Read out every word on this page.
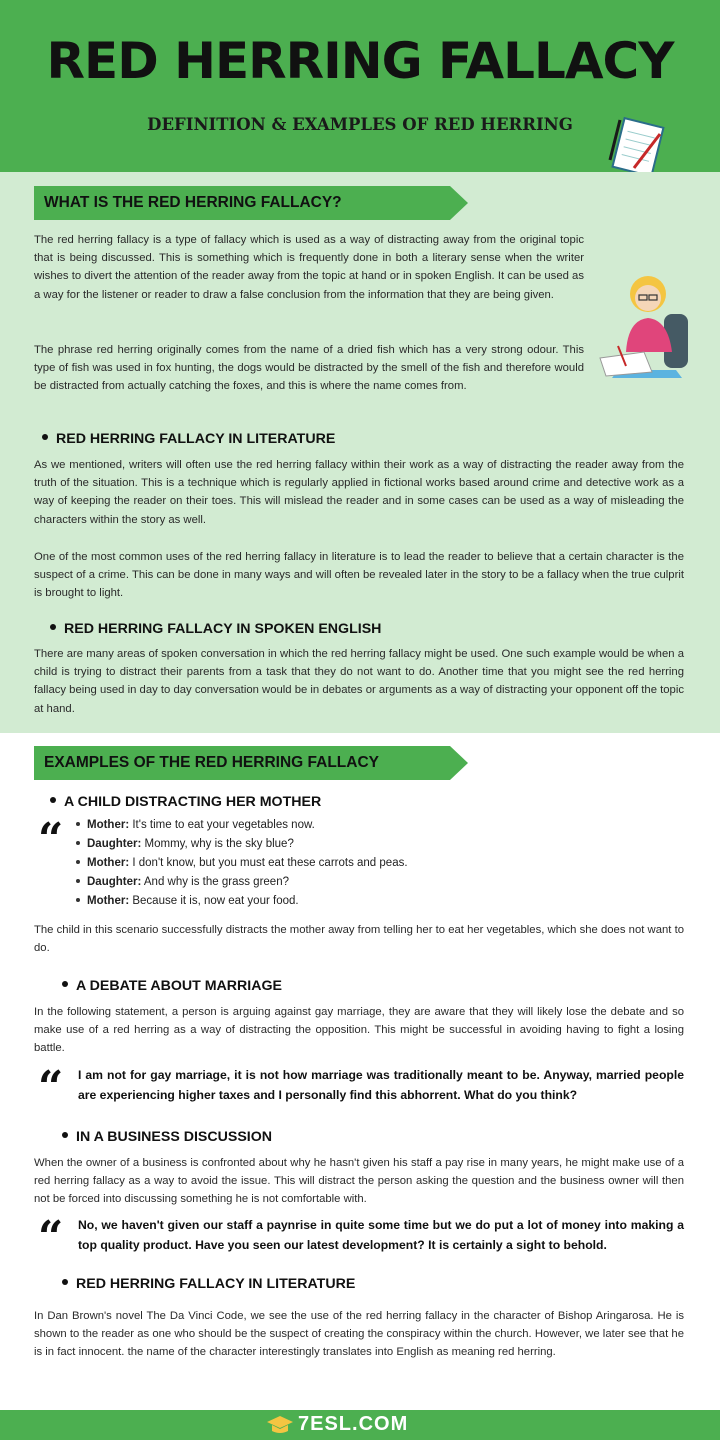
RED HERRING FALLACY
DEFINITION & EXAMPLES OF RED HERRING
WHAT IS THE RED HERRING FALLACY?

The red herring fallacy is a type of fallacy which is used as a way of distracting away from the original topic that is being discussed. This is something which is frequently done in both a literary sense when the writer wishes to divert the attention of the reader away from the topic at hand or in spoken English. It can be used as a way for the listener or reader to draw a false conclusion from the information that they are being given.

The phrase red herring originally comes from the name of a dried fish which has a very strong odour. This type of fish was used in fox hunting, the dogs would be distracted by the smell of the fish and therefore would be distracted from actually catching the foxes, and this is where the name comes from.

RED HERRING FALLACY IN LITERATURE

As we mentioned, writers will often use the red herring fallacy within their work as a way of distracting the reader away from the truth of the situation. This is a technique which is regularly applied in fictional works based around crime and detective work as a way of keeping the reader on their toes. This will mislead the reader and in some cases can be used as a way of misleading the characters within the story as well.

One of the most common uses of the red herring fallacy in literature is to lead the reader to believe that a certain character is the suspect of a crime. This can be done in many ways and will often be revealed later in the story to be a fallacy when the true culprit is brought to light.

RED HERRING FALLACY IN SPOKEN ENGLISH

There are many areas of spoken conversation in which the red herring fallacy might be used. One such example would be when a child is trying to distract their parents from a task that they do not want to do. Another time that you might see the red herring fallacy being used in day to day conversation would be in debates or arguments as a way of distracting your opponent off the topic at hand.

EXAMPLES OF THE RED HERRING FALLACY
A CHILD DISTRACTING HER MOTHER
“	Mother: It's time to eat your vegetables now.
Daughter: Mommy, why is the sky blue?
Mother: I don't know, but you must eat these carrots and peas.
Daughter: And why is the grass green?
Mother: Because it is, now eat your food.

The child in this scenario successfully distracts the mother away from telling her to eat her vegetables, which she does not want to do.

A DEBATE ABOUT MARRIAGE

In the following statement, a person is arguing against gay marriage, they are aware that they will likely lose the debate and so make use of a red herring as a way of distracting the opposition. This might be successful in avoiding having to fight a losing battle.

“ I am not for gay marriage, it is not how marriage was traditionally meant to be. Anyway, married people are experiencing higher taxes and I personally find this abhorrent. What do you think?
IN A BUSINESS DISCUSSION

When the owner of a business is confronted about why he hasn't given his staff a pay rise in many years, he might make use of a red herring fallacy as a way to avoid the issue. This will distract the person asking the question and the business owner will then not be forced into discussing something he is not comfortable with.

“ No, we haven't given our staff a paynrise in quite some time but we do put a lot of money into making a top quality product. Have you seen our latest development? It is certainly a sight to behold.
RED HERRING FALLACY IN LITERATURE

In Dan Brown's novel The Da Vinci Code, we see the use of the red herring fallacy in the character of Bishop Aringarosa. He is shown to the reader as one who should be the suspect of creating the conspiracy within the church. However, we later see that he is in fact innocent. the name of the character interestingly translates into English as meaning red herring.

7ESL.COM
